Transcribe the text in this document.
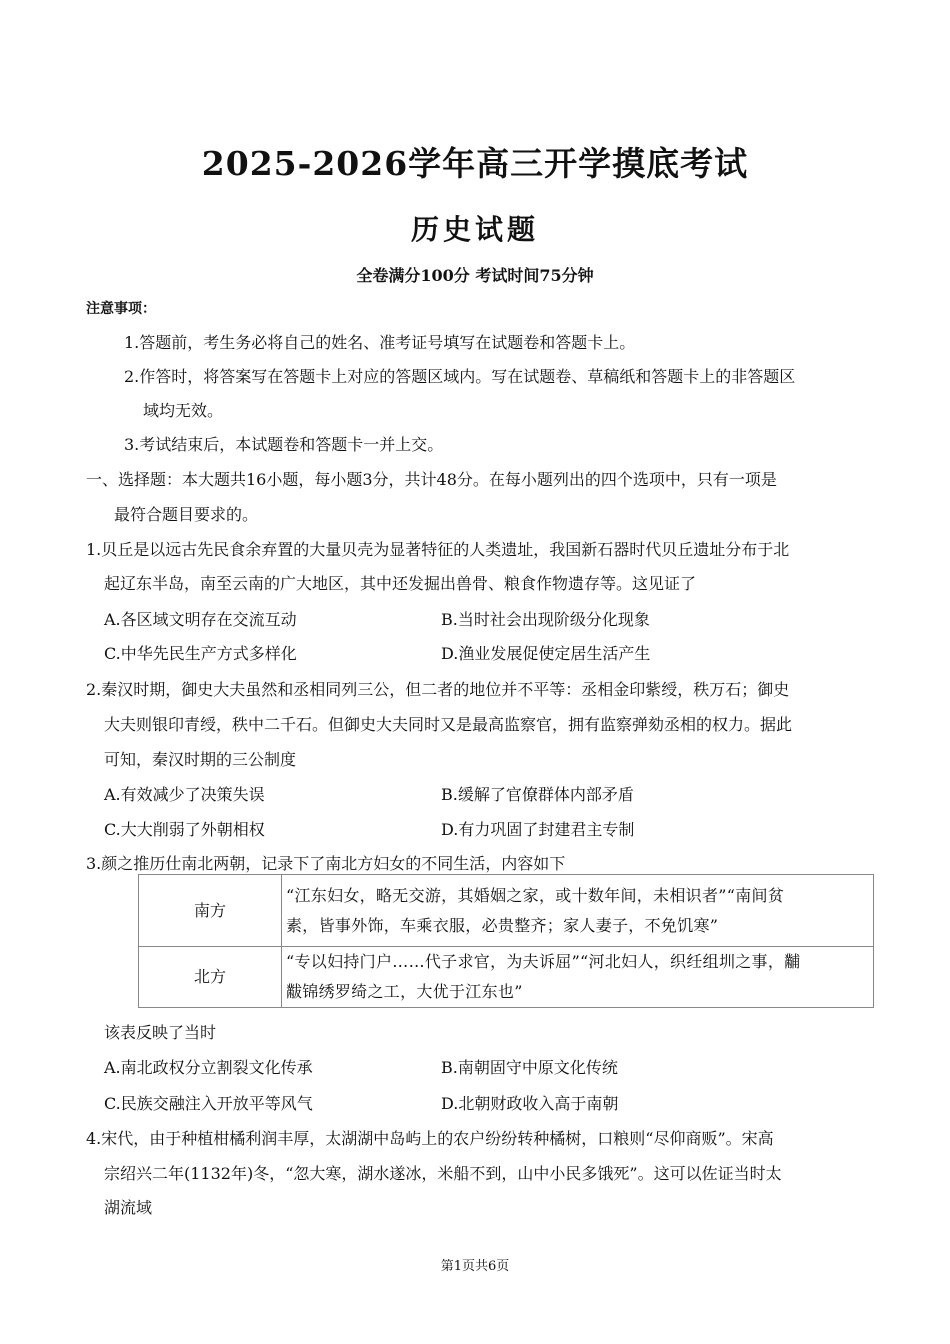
2025-2026学年高三开学摸底考试
历史试题
全卷满分100分 考试时间75分钟
注意事项：
1.答题前，考生务必将自己的姓名、准考证号填写在试题卷和答题卡上。
2.作答时，将答案写在答题卡上对应的答题区域内。写在试题卷、草稿纸和答题卡上的非答题区
域均无效。
3.考试结束后，本试题卷和答题卡一并上交。
一、选择题：本大题共16小题，每小题3分，共计48分。在每小题列出的四个选项中，只有一项是
最符合题目要求的。
1.贝丘是以远古先民食余弃置的大量贝壳为显著特征的人类遗址，我国新石器时代贝丘遗址分布于北
起辽东半岛，南至云南的广大地区，其中还发掘出兽骨、粮食作物遗存等。这见证了
A.各区域文明存在交流互动	B.当时社会出现阶级分化现象
C.中华先民生产方式多样化	D.渔业发展促使定居生活产生
2.秦汉时期，御史大夫虽然和丞相同列三公，但二者的地位并不平等：丞相金印紫绶，秩万石；御史
大夫则银印青绶，秩中二千石。但御史大夫同时又是最高监察官，拥有监察弹劾丞相的权力。据此
可知，秦汉时期的三公制度
A.有效减少了决策失误	B.缓解了官僚群体内部矛盾
C.大大削弱了外朝相权	D.有力巩固了封建君主专制
3.颜之推历仕南北两朝，记录下了南北方妇女的不同生活，内容如下
南方	“江东妇女，略无交游，其婚姻之家，或十数年间，未相识者”“南间贫
素，皆事外饰，车乘衣服，必贵整齐；家人妻子，不免饥寒”

北方	“专以妇持门户……代子求官，为夫诉屈”“河北妇人，织纴组圳之事，黼
黻锦绣罗绮之工，大优于江东也”
该表反映了当时
A.南北政权分立割裂文化传承	B.南朝固守中原文化传统
C.民族交融注入开放平等风气	D.北朝财政收入高于南朝
4.宋代，由于种植柑橘利润丰厚，太湖湖中岛屿上的农户纷纷转种橘树，口粮则“尽仰商贩”。宋高
宗绍兴二年(1132年)冬，“忽大寒，湖水遂冰，米船不到，山中小民多饿死”。这可以佐证当时太
湖流域
第1页共6页
